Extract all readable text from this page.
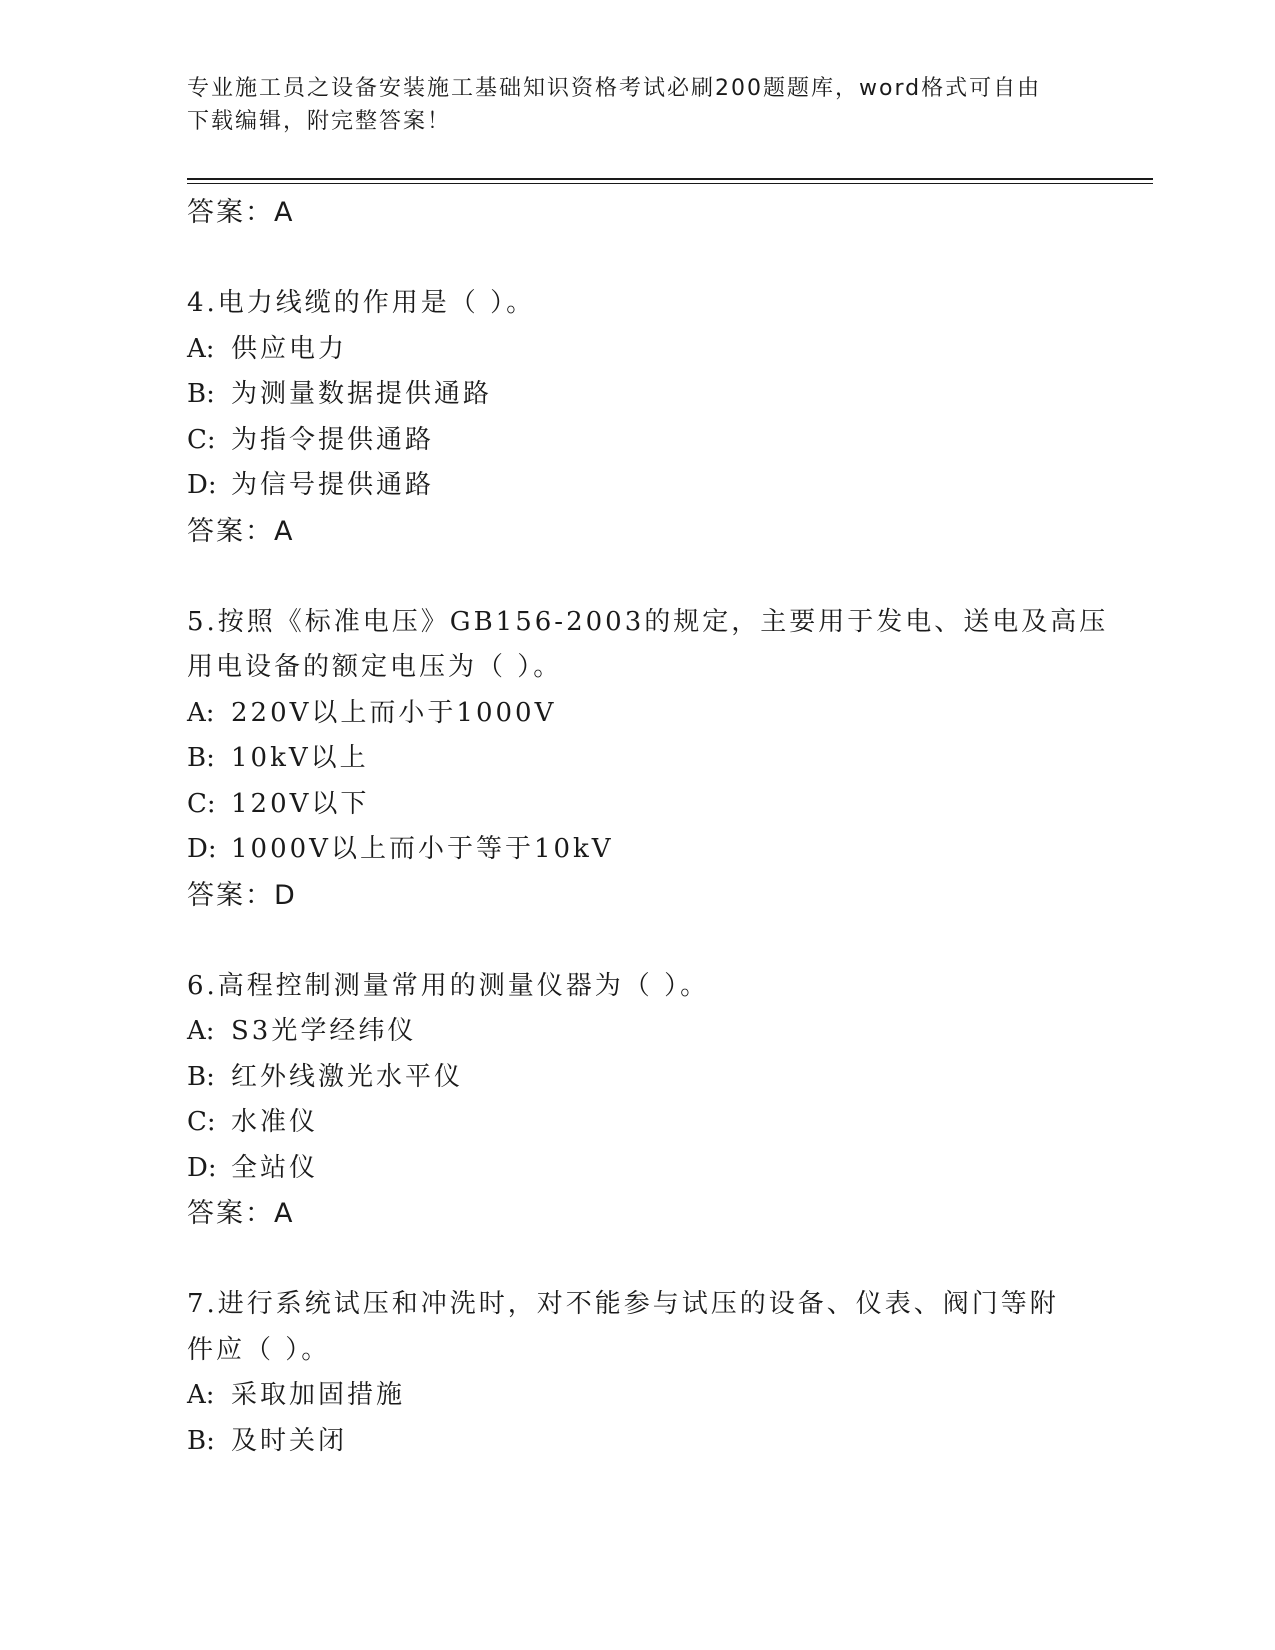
专业施工员之设备安装施工基础知识资格考试必刷200题题库，word格式可自由
下载编辑，附完整答案！
答案：A
4.电力线缆的作用是（ ）。
A: 供应电力
B: 为测量数据提供通路
C: 为指令提供通路
D: 为信号提供通路
答案：A
5.按照《标准电压》GB156-2003的规定，主要用于发电、送电及高压
用电设备的额定电压为（ ）。
A: 220V以上而小于1000V
B: 10kV以上
C: 120V以下
D: 1000V以上而小于等于10kV
答案：D
6.高程控制测量常用的测量仪器为（ ）。
A: S3光学经纬仪
B: 红外线激光水平仪
C: 水准仪
D: 全站仪
答案：A
7.进行系统试压和冲洗时，对不能参与试压的设备、仪表、阀门等附
件应（ ）。
A: 采取加固措施
B: 及时关闭
